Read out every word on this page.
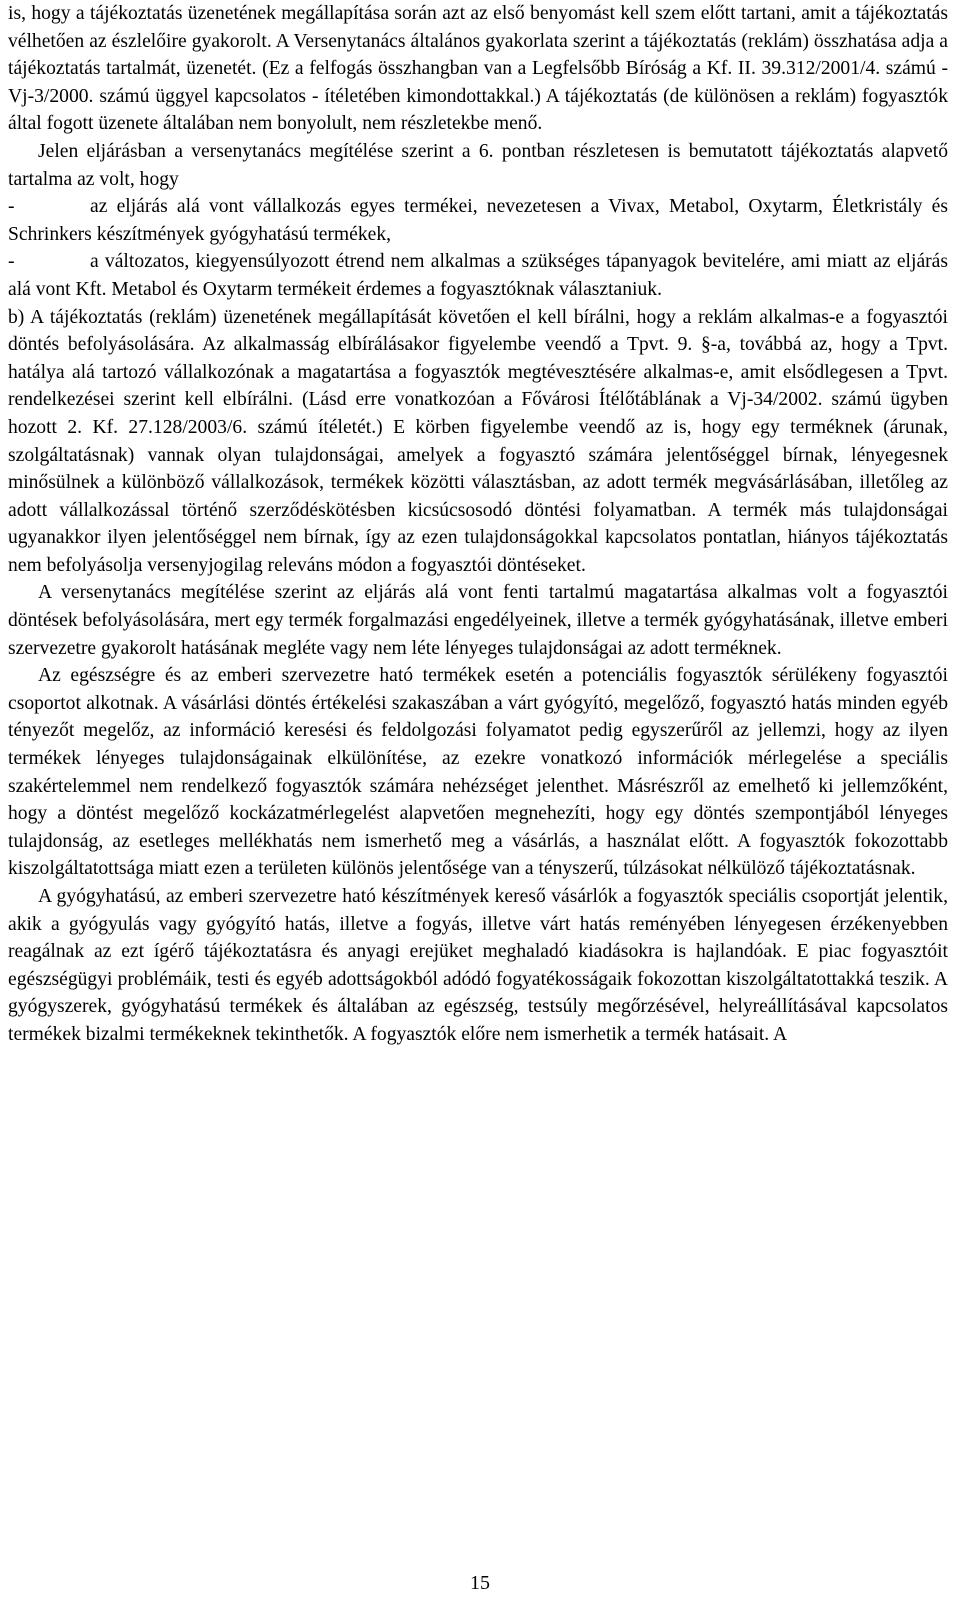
is, hogy a tájékoztatás üzenetének megállapítása során azt az első benyomást kell szem előtt tartani, amit a tájékoztatás vélhetően az észlelőire gyakorolt. A Versenytanács általános gyakorlata szerint a tájékoztatás (reklám) összhatása adja a tájékoztatás tartalmát, üzenetét. (Ez a felfogás összhangban van a Legfelsőbb Bíróság a Kf. II. 39.312/2001/4. számú - Vj-3/2000. számú üggyel kapcsolatos - ítéletében kimondottakkal.) A tájékoztatás (de különösen a reklám) fogyasztók által fogott üzenete általában nem bonyolult, nem részletekbe menő.

Jelen eljárásban a versenytanács megítélése szerint a 6. pontban részletesen is bemutatott tájékoztatás alapvető tartalma az volt, hogy

-	az eljárás alá vont vállalkozás egyes termékei, nevezetesen a Vivax, Metabol, Oxytarm, Életkristály és Schrinkers készítmények gyógyhatású termékek,

-	a változatos, kiegyensúlyozott étrend nem alkalmas a szükséges tápanyagok bevitelére, ami miatt az eljárás alá vont Kft. Metabol és Oxytarm termékeit érdemes a fogyasztóknak választaniuk.

b) A tájékoztatás (reklám) üzenetének megállapítását követően el kell bírálni, hogy a reklám alkalmas-e a fogyasztói döntés befolyásolására. Az alkalmasság elbírálásakor figyelembe veendő a Tpvt. 9. §-a, továbbá az, hogy a Tpvt. hatálya alá tartozó vállalkozónak a magatartása a fogyasztók megtévesztésére alkalmas-e, amit elsődlegesen a Tpvt. rendelkezései szerint kell elbírálni. (Lásd erre vonatkozóan a Fővárosi Ítélőtáblának a Vj-34/2002. számú ügyben hozott 2. Kf. 27.128/2003/6. számú ítéletét.) E körben figyelembe veendő az is, hogy egy terméknek (árunak, szolgáltatásnak) vannak olyan tulajdonságai, amelyek a fogyasztó számára jelentőséggel bírnak, lényegesnek minősülnek a különböző vállalkozások, termékek közötti választásban, az adott termék megvásárlásában, illetőleg az adott vállalkozással történő szerződéskötésben kicsúcsosodó döntési folyamatban. A termék más tulajdonságai ugyanakkor ilyen jelentőséggel nem bírnak, így az ezen tulajdonságokkal kapcsolatos pontatlan, hiányos tájékoztatás nem befolyásolja versenyjogilag releváns módon a fogyasztói döntéseket.

A versenytanács megítélése szerint az eljárás alá vont fenti tartalmú magatartása alkalmas volt a fogyasztói döntések befolyásolására, mert egy termék forgalmazási engedélyeinek, illetve a termék gyógyhatásának, illetve emberi szervezetre gyakorolt hatásának megléte vagy nem léte lényeges tulajdonságai az adott terméknek.

Az egészségre és az emberi szervezetre ható termékek esetén a potenciális fogyasztók sérülékeny fogyasztói csoportot alkotnak. A vásárlási döntés értékelési szakaszában a várt gyógyító, megelőző, fogyasztó hatás minden egyéb tényezőt megelőz, az információ keresési és feldolgozási folyamatot pedig egyszerűről az jellemzi, hogy az ilyen termékek lényeges tulajdonságainak elkülönítése, az ezekre vonatkozó információk mérlegelése a speciális szakértelemmel nem rendelkező fogyasztók számára nehézséget jelenthet. Másrészről az emelhető ki jellemzőként, hogy a döntést megelőző kockázatmérlegelést alapvetően megnehezíti, hogy egy döntés szempontjából lényeges tulajdonság, az esetleges mellékhatás nem ismerhető meg a vásárlás, a használat előtt. A fogyasztók fokozottabb kiszolgáltatottsága miatt ezen a területen különös jelentősége van a tényszerű, túlzásokat nélkülöző tájékoztatásnak.

A gyógyhatású, az emberi szervezetre ható készítmények kereső vásárlók a fogyasztók speciális csoportját jelentik, akik a gyógyulás vagy gyógyító hatás, illetve a fogyás, illetve várt hatás reményében lényegesen érzékenyebben reagálnak az ezt ígérő tájékoztatásra és anyagi erejüket meghaladó kiadásokra is hajlandóak. E piac fogyasztóit egészségügyi problémáik, testi és egyéb adottságokból adódó fogyatékosságaik fokozottan kiszolgáltatottakká teszik. A gyógyszerek, gyógyhatású termékek és általában az egészség, testsúly megőrzésével, helyreállításával kapcsolatos termékek bizalmi termékeknek tekinthetők. A fogyasztók előre nem ismerhetik a termék hatásait. A

15
